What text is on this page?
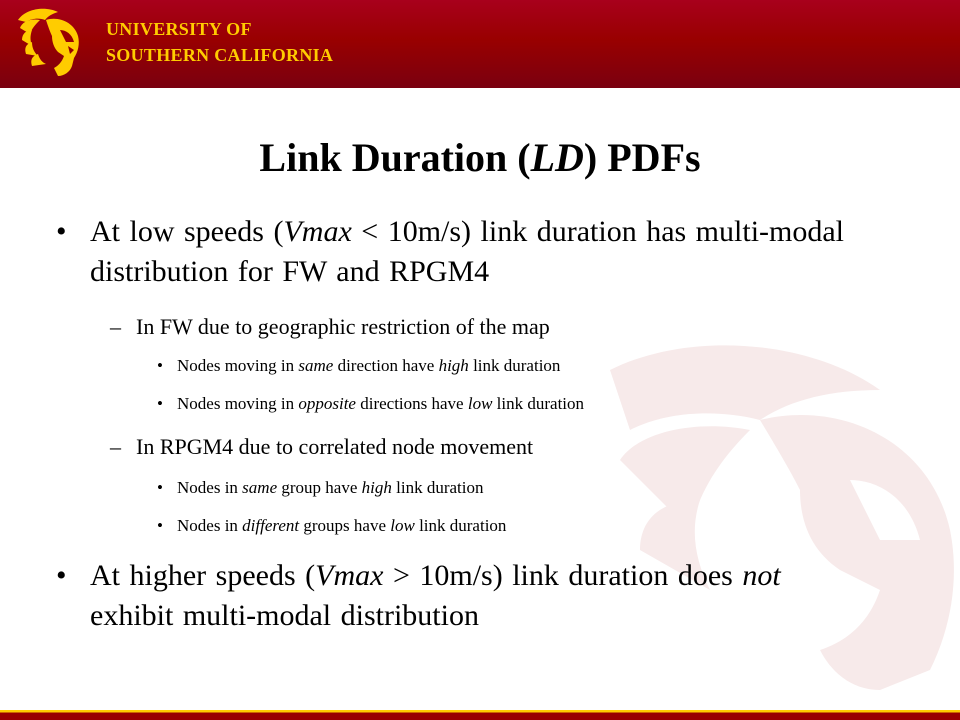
UNIVERSITY OF
SOUTHERN CALIFORNIA
Link Duration (LD) PDFs
• At low speeds (Vmax < 10m/s) link duration has multi-modal distribution for FW and RPGM4
– In FW due to geographic restriction of the map
• Nodes moving in same direction have high link duration
• Nodes moving in opposite directions have low link duration
– In RPGM4 due to correlated node movement
• Nodes in same group have high link duration
• Nodes in different groups have low link duration
• At higher speeds (Vmax > 10m/s) link duration does not exhibit multi-modal distribution
